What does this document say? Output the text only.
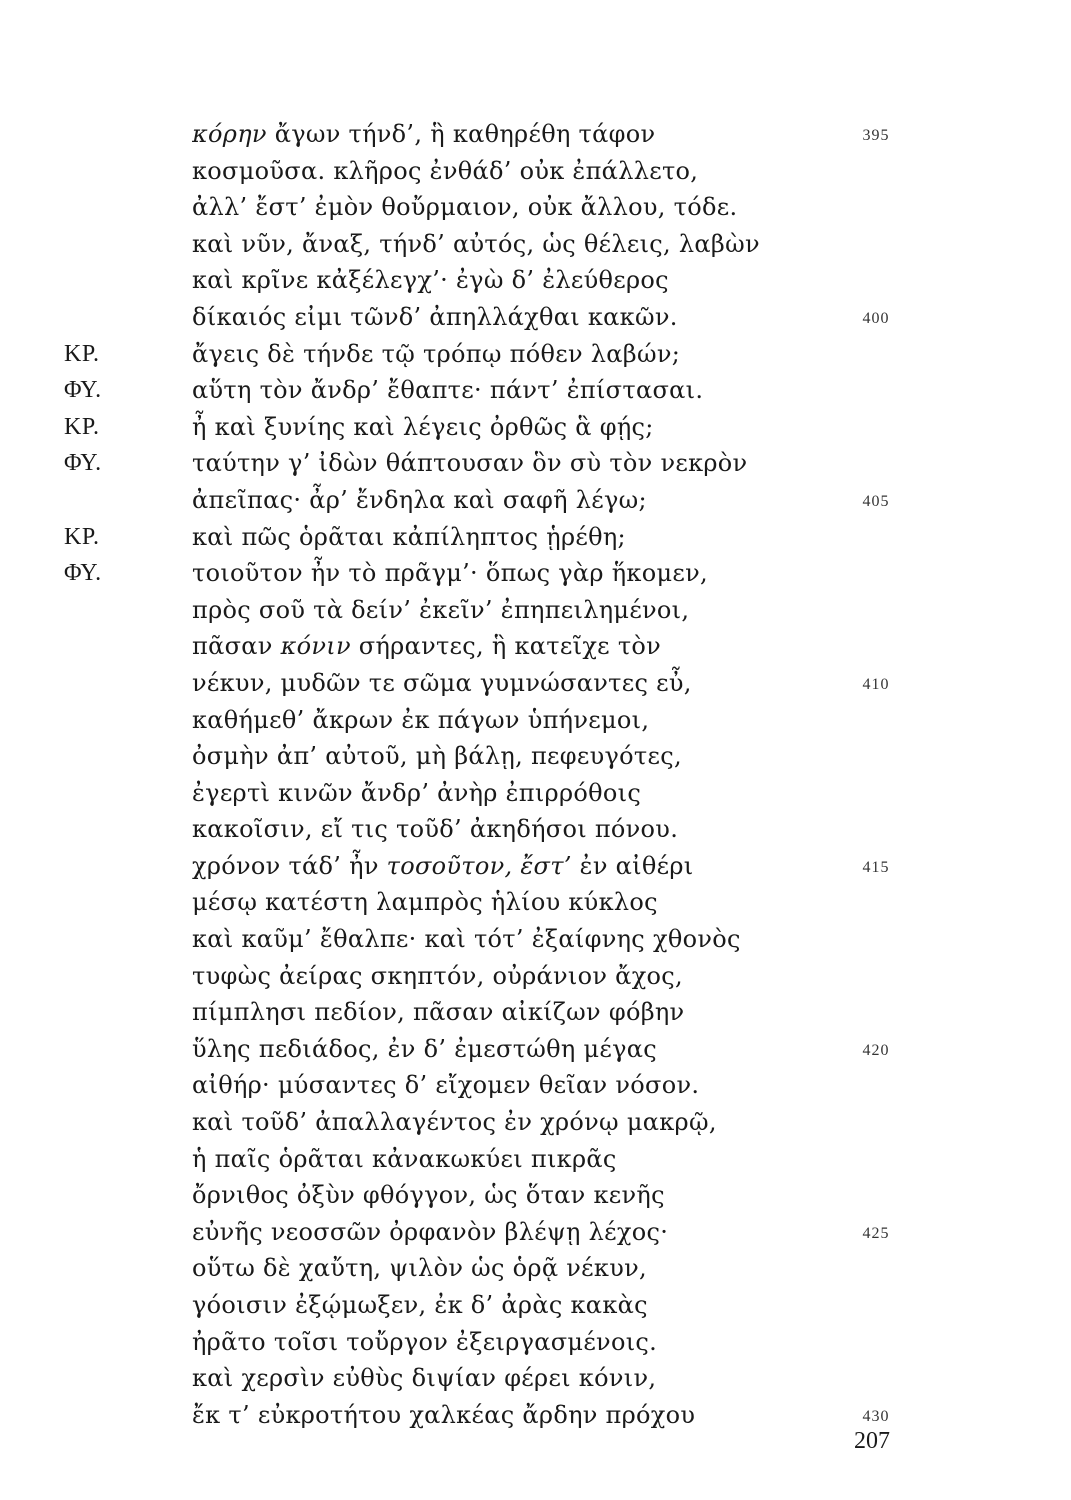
κόρην ἄγων τήνδ’, ἣ καθηρέθη τάφον	395
κοσμοῦσα. κλῆρος ἐνθάδ’ οὐκ ἐπάλλετο,
ἀλλ’ ἔστ’ ἐμὸν θοὔρμαιον, οὐκ ἄλλου, τόδε.
καὶ νῦν, ἄναξ, τήνδ’ αὐτός, ὡς θέλεις, λαβὼν
καὶ κρῖνε κἀξέλεγχ’· ἐγὼ δ’ ἐλεύθερος
δίκαιός εἰμι τῶνδ’ ἀπηλλάχθαι κακῶν.	400
ΚΡ.	ἄγεις δὲ τήνδε τῷ τρόπῳ πόθεν λαβών;
ΦΥ.	αὕτη τὸν ἄνδρ’ ἔθαπτε· πάντ’ ἐπίστασαι.
ΚΡ.	ἦ καὶ ξυνίης καὶ λέγεις ὀρθῶς ἃ φῄς;
ΦΥ.	ταύτην γ’ ἰδὼν θάπτουσαν ὃν σὺ τὸν νεκρὸν
ἀπεῖπας· ἆρ’ ἔνδηλα καὶ σαφῆ λέγω;	405
ΚΡ.	καὶ πῶς ὁρᾶται κἀπίληπτος ᾑρέθη;
ΦΥ.	τοιοῦτον ἦν τὸ πρᾶγμ’· ὅπως γὰρ ἥκομεν,
πρὸς σοῦ τὰ δείν’ ἐκεῖν’ ἐπηπειλημένοι,
πᾶσαν κόνιν σήραντες, ἣ κατεῖχε τὸν
νέκυν, μυδῶν τε σῶμα γυμνώσαντες εὖ,	410
καθήμεθ’ ἄκρων ἐκ πάγων ὑπήνεμοι,
ὀσμὴν ἀπ’ αὐτοῦ, μὴ βάλῃ, πεφευγότες,
ἐγερτὶ κινῶν ἄνδρ’ ἀνὴρ ἐπιρρόθοις
κακοῖσιν, εἴ τις τοῦδ’ ἀκηδήσοι πόνου.
χρόνον τάδ’ ἦν τοσοῦτον, ἔστ’ ἐν αἰθέρι	415
μέσῳ κατέστη λαμπρὸς ἡλίου κύκλος
καὶ καῦμ’ ἔθαλπε· καὶ τότ’ ἐξαίφνης χθονὸς
τυφὼς ἀείρας σκηπτόν, οὐράνιον ἄχος,
πίμπλησι πεδίον, πᾶσαν αἰκίζων φόβην
ὕλης πεδιάδος, ἐν δ’ ἐμεστώθη μέγας	420
αἰθήρ· μύσαντες δ’ εἴχομεν θεῖαν νόσον.
καὶ τοῦδ’ ἀπαλλαγέντος ἐν χρόνῳ μακρῷ,
ἡ παῖς ὁρᾶται κἀνακωκύει πικρᾶς
ὄρνιθος ὀξὺν φθόγγον, ὡς ὅταν κενῆς
εὐνῆς νεοσσῶν ὀρφανὸν βλέψῃ λέχος·	425
οὕτω δὲ χαὔτη, ψιλὸν ὡς ὁρᾷ νέκυν,
γόοισιν ἐξῴμωξεν, ἐκ δ’ ἀρὰς κακὰς
ἠρᾶτο τοῖσι τοὔργον ἐξειργασμένοις.
καὶ χερσὶν εὐθὺς διψίαν φέρει κόνιν,
ἔκ τ’ εὐκροτήτου χαλκέας ἄρδην πρόχου	430
207
